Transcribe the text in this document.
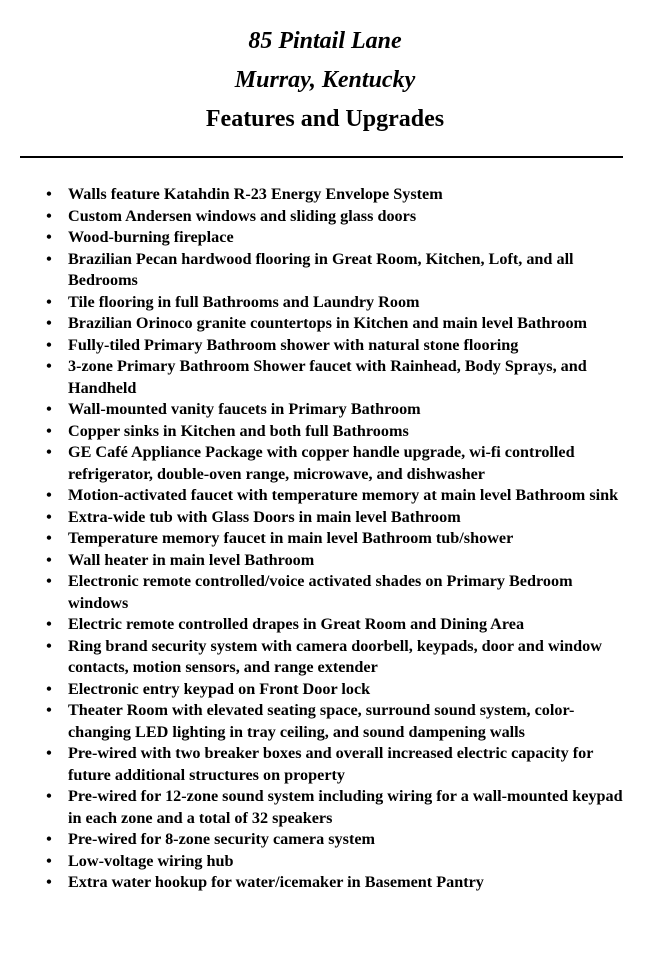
85 Pintail Lane

Murray, Kentucky

Features and Upgrades

• Walls feature Katahdin R-23 Energy Envelope System
• Custom Andersen windows and sliding glass doors
• Wood-burning fireplace
• Brazilian Pecan hardwood flooring in Great Room, Kitchen, Loft, and all Bedrooms
• Tile flooring in full Bathrooms and Laundry Room
• Brazilian Orinoco granite countertops in Kitchen and main level Bathroom
• Fully-tiled Primary Bathroom shower with natural stone flooring
• 3-zone Primary Bathroom Shower faucet with Rainhead, Body Sprays, and Handheld
• Wall-mounted vanity faucets in Primary Bathroom
• Copper sinks in Kitchen and both full Bathrooms
• GE Café Appliance Package with copper handle upgrade, wi-fi controlled refrigerator, double-oven range, microwave, and dishwasher
• Motion-activated faucet with temperature memory at main level Bathroom sink
• Extra-wide tub with Glass Doors in main level Bathroom
• Temperature memory faucet in main level Bathroom tub/shower
• Wall heater in main level Bathroom
• Electronic remote controlled/voice activated shades on Primary Bedroom windows
• Electric remote controlled drapes in Great Room and Dining Area
• Ring brand security system with camera doorbell, keypads, door and window contacts, motion sensors, and range extender
• Electronic entry keypad on Front Door lock
• Theater Room with elevated seating space, surround sound system, color-changing LED lighting in tray ceiling, and sound dampening walls
• Pre-wired with two breaker boxes and overall increased electric capacity for future additional structures on property
• Pre-wired for 12-zone sound system including wiring for a wall-mounted keypad in each zone and a total of 32 speakers
• Pre-wired for 8-zone security camera system
• Low-voltage wiring hub
• Extra water hookup for water/icemaker in Basement Pantry
